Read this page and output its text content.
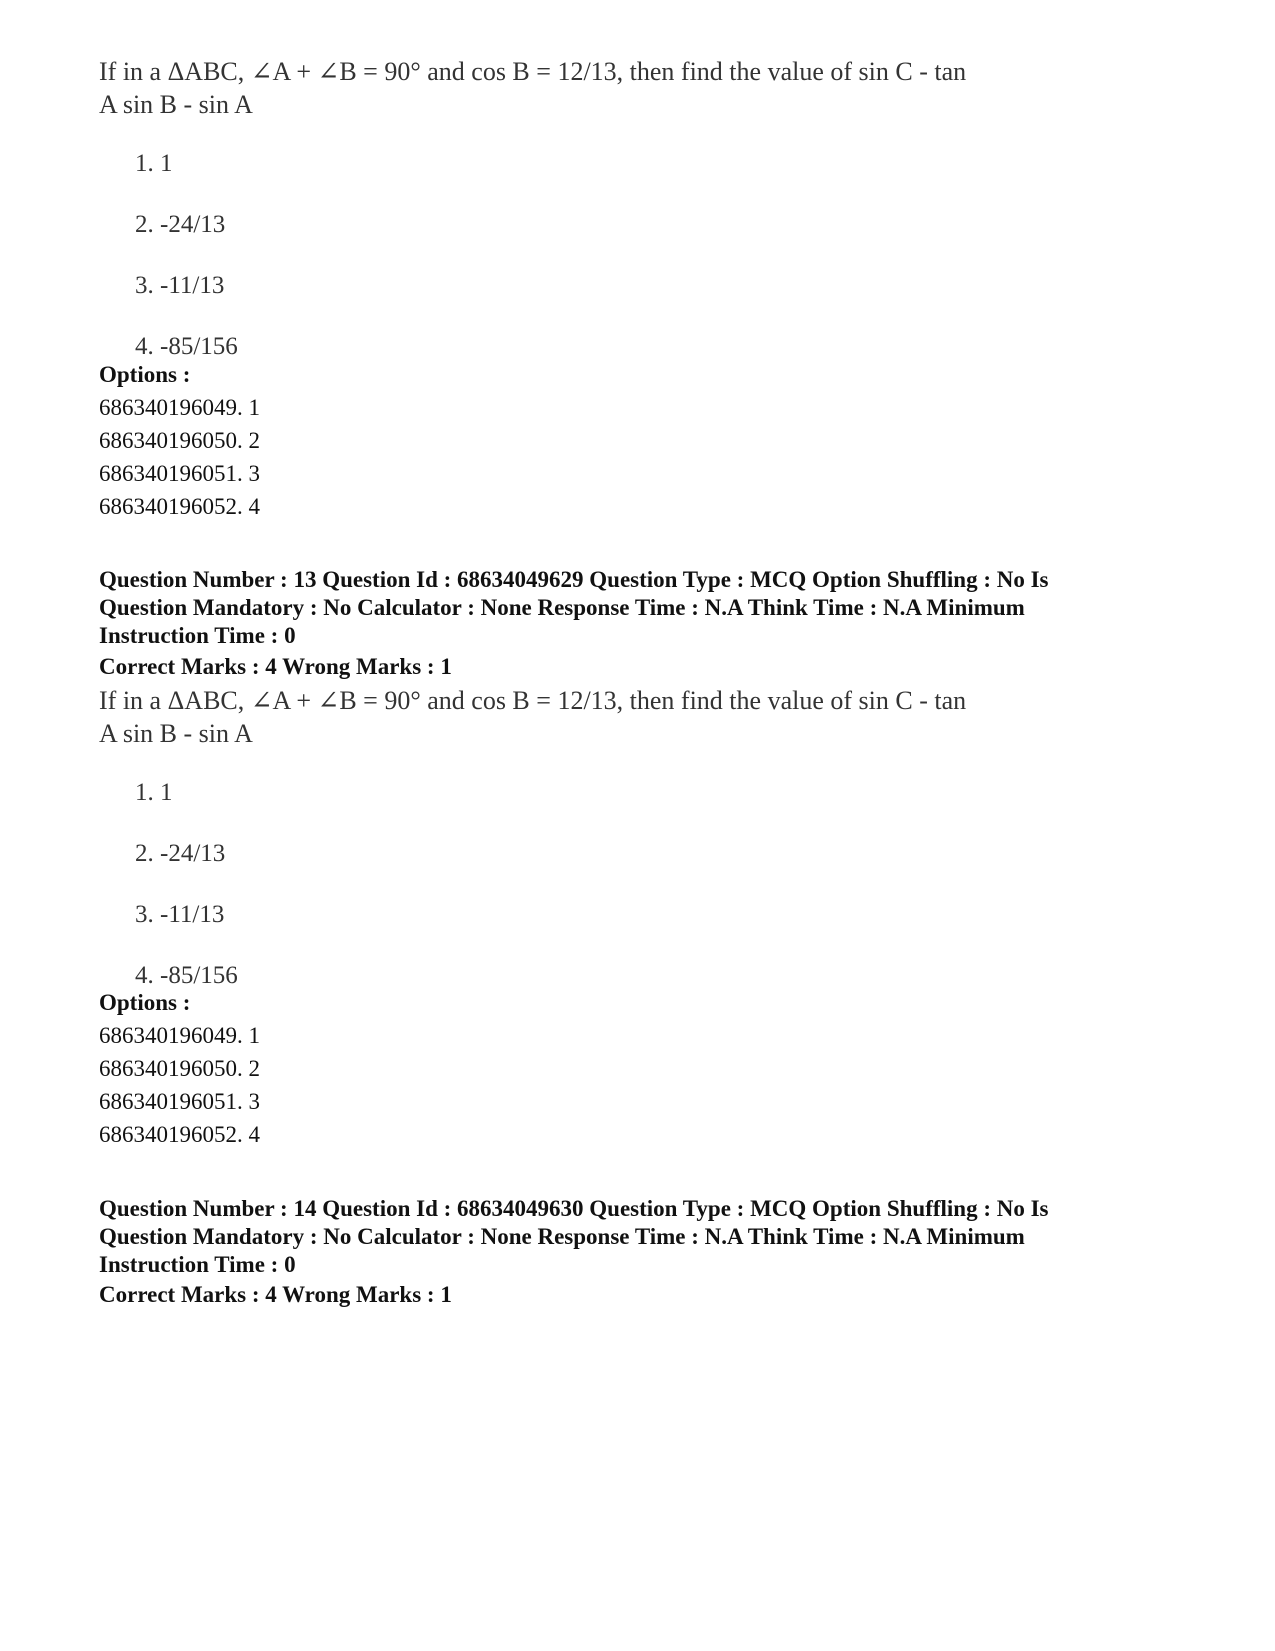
If in a ΔABC, ∠A + ∠B = 90° and cos B = 12/13, then find the value of sin C - tan
A sin B - sin A
1. 1
2. -24/13
3. -11/13
4. -85/156
Options :
686340196049. 1
686340196050. 2
686340196051. 3
686340196052. 4
Question Number : 13 Question Id : 68634049629 Question Type : MCQ Option Shuffling : No Is Question Mandatory : No Calculator : None Response Time : N.A Think Time : N.A Minimum Instruction Time : 0
Correct Marks : 4 Wrong Marks : 1
If in a ΔABC, ∠A + ∠B = 90° and cos B = 12/13, then find the value of sin C - tan
A sin B - sin A
1. 1
2. -24/13
3. -11/13
4. -85/156
Options :
686340196049. 1
686340196050. 2
686340196051. 3
686340196052. 4
Question Number : 14 Question Id : 68634049630 Question Type : MCQ Option Shuffling : No Is Question Mandatory : No Calculator : None Response Time : N.A Think Time : N.A Minimum Instruction Time : 0
Correct Marks : 4 Wrong Marks : 1
